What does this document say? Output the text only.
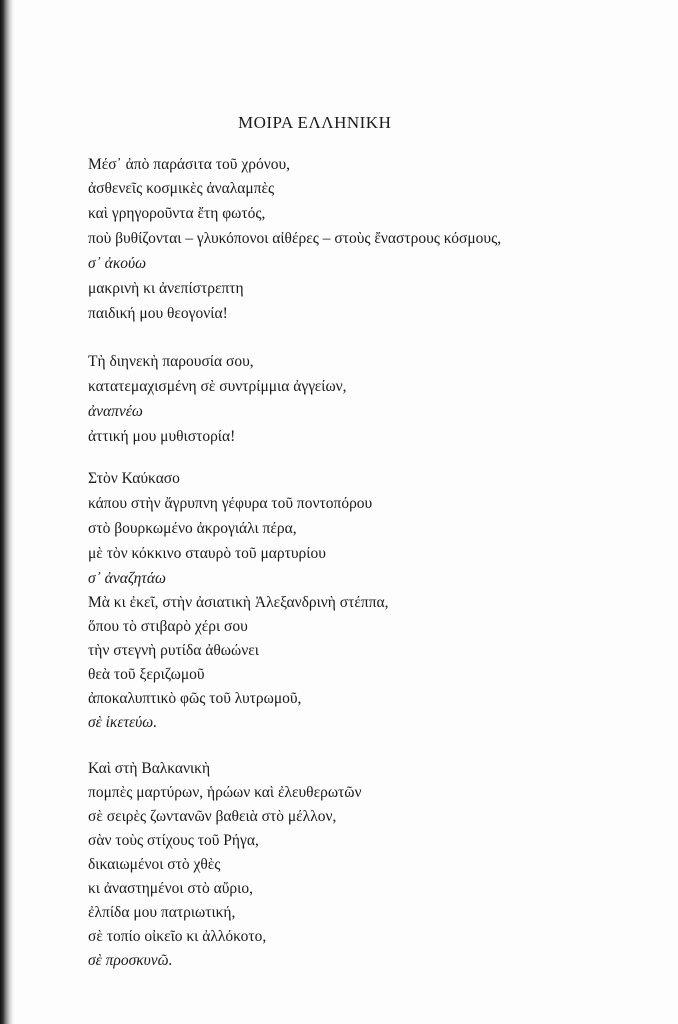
ΜΟΙΡΑ ΕΛΛΗΝΙΚΗ
Μέσ᾽ ἀπὸ παράσιτα τοῦ χρόνου,
ἀσθενεῖς κοσμικὲς ἀναλαμπὲς
καὶ γρηγοροῦντα ἔτη φωτός,
ποὺ βυθίζονται – γλυκόπονοι αἰθέρες – στοὺς ἔναστρους κόσμους,
σ᾽ ἀκούω
μακρινὴ κι ἀνεπίστρεπτη
παιδική μου θεογονία!
Τὴ διηνεκὴ παρουσία σου,
κατατεμαχισμένη σὲ συντρίμμια ἀγγείων,
ἀναπνέω
ἀττική μου μυθιστορία!
Στὸν Καύκασο
κάπου στὴν ἄγρυπνη γέφυρα τοῦ ποντοπόρου
στὸ βουρκωμένο ἀκρογιάλι πέρα,
μὲ τὸν κόκκινο σταυρὸ τοῦ μαρτυρίου
σ᾽ ἀναζητάω
Μὰ κι ἐκεῖ, στὴν ἀσιατικὴ Ἀλεξανδρινὴ στέππα,
ὅπου τὸ στιβαρὸ χέρι σου
τὴν στεγνὴ ρυτίδα ἀθωώνει
θεὰ τοῦ ξεριζωμοῦ
ἀποκαλυπτικὸ φῶς τοῦ λυτρωμοῦ,
σὲ ἱκετεύω.
Καὶ στὴ Βαλκανικὴ
πομπὲς μαρτύρων, ἡρώων καὶ ἐλευθερωτῶν
σὲ σειρὲς ζωντανῶν βαθειὰ στὸ μέλλον,
σὰν τοὺς στίχους τοῦ Ρήγα,
δικαιωμένοι στὸ χθὲς
κι ἀναστημένοι στὸ αὔριο,
ἐλπίδα μου πατριωτική,
σὲ τοπίο οἰκεῖο κι ἀλλόκοτο,
σὲ προσκυνῶ.
